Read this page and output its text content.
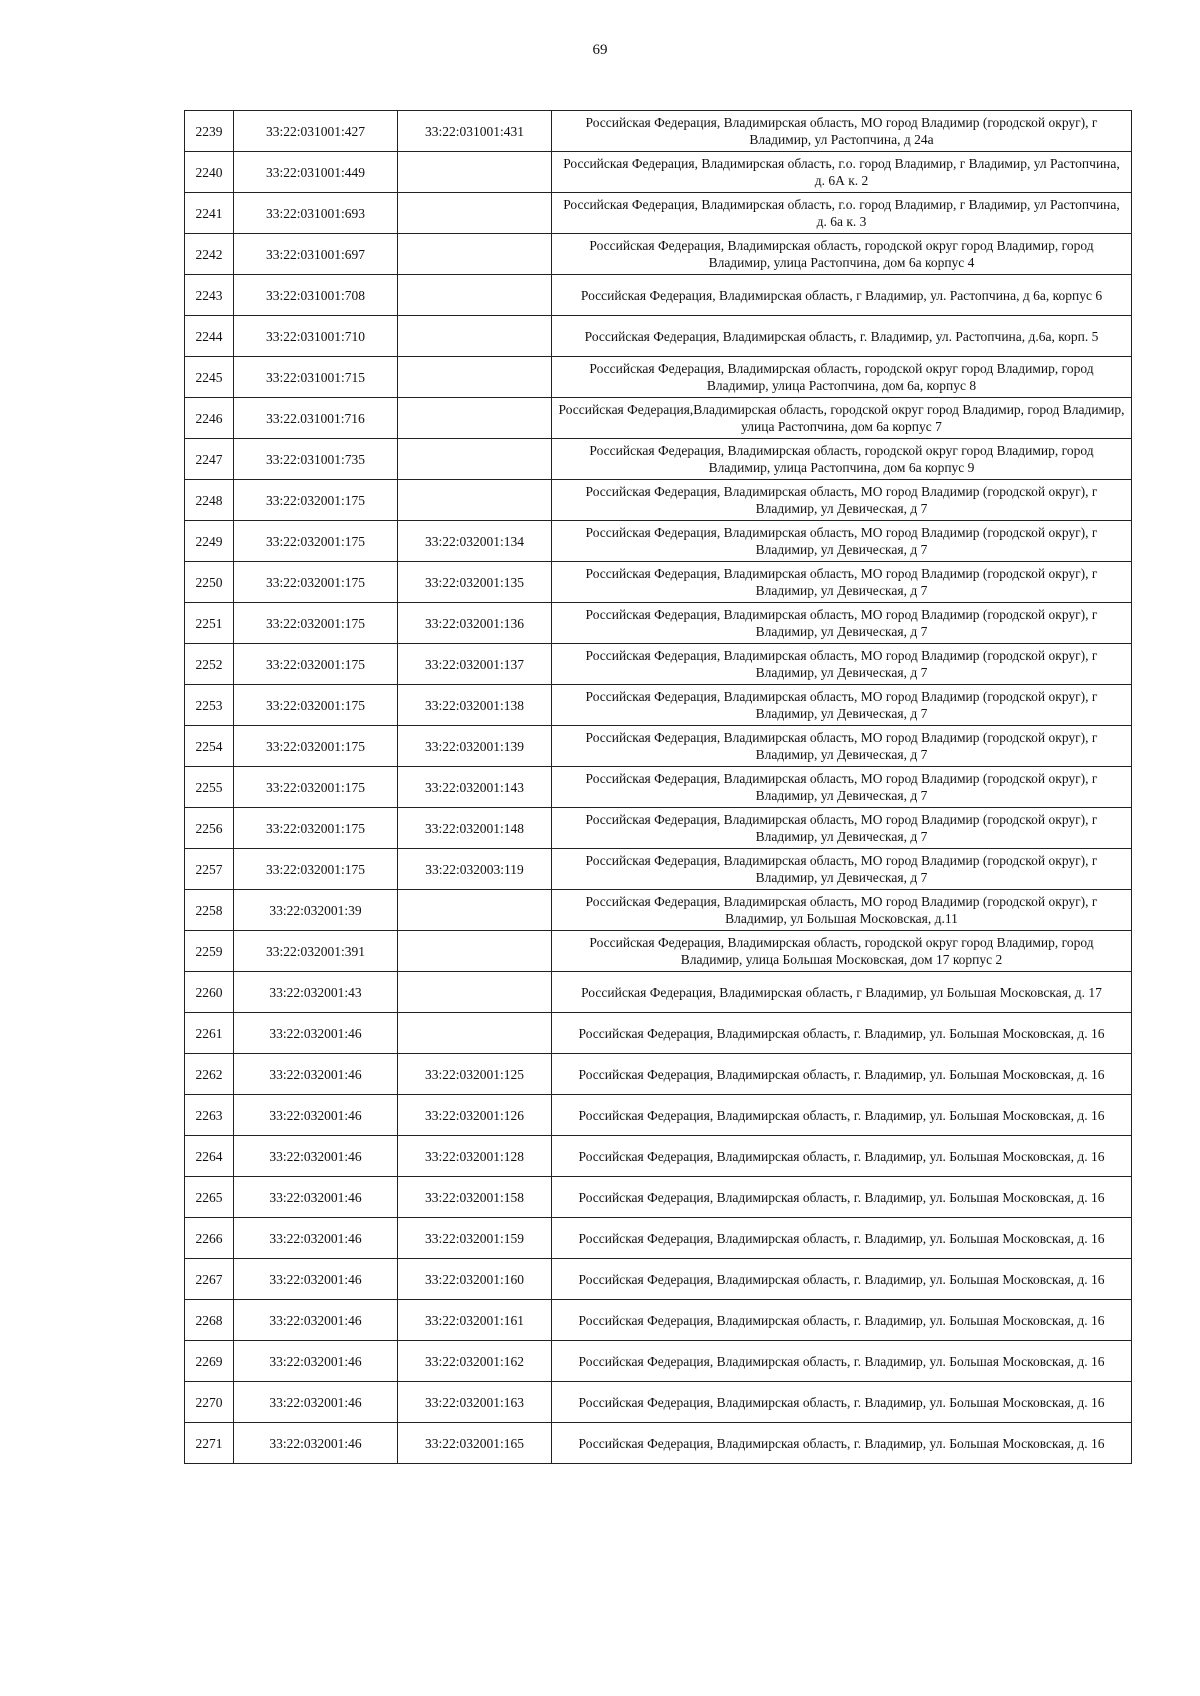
69
2239	33:22:031001:427	33:22:031001:431	Российская Федерация, Владимирская область, МО город Владимир (городской округ), г Владимир, ул Растопчина, д 24а
2240	33:22:031001:449		Российская Федерация, Владимирская область, г.о. город Владимир, г Владимир, ул Растопчина, д. 6А к. 2
2241	33:22:031001:693		Российская Федерация, Владимирская область, г.о. город Владимир, г Владимир, ул Растопчина, д. 6а к. 3
2242	33:22:031001:697		Российская Федерация, Владимирская область, городской округ город Владимир, город Владимир, улица Растопчина, дом 6а корпус 4
2243	33:22:031001:708		Российская Федерация, Владимирская область, г Владимир, ул. Растопчина, д 6а, корпус 6
2244	33:22:031001:710		Российская Федерация, Владимирская область, г. Владимир, ул. Растопчина, д.6а, корп. 5
2245	33:22:031001:715		Российская Федерация, Владимирская область, городской округ город Владимир, город Владимир, улица Растопчина, дом 6а, корпус 8
2246	33:22.031001:716		Российская Федерация,Владимирская область, городской округ город Владимир, город Владимир, улица Растопчина, дом 6а корпус 7
2247	33:22:031001:735		Российская Федерация, Владимирская область, городской округ город Владимир, город Владимир, улица Растопчина, дом 6а корпус 9
2248	33:22:032001:175		Российская Федерация, Владимирская область, МО город Владимир (городской округ), г Владимир, ул Девическая, д 7
2249	33:22:032001:175	33:22:032001:134	Российская Федерация, Владимирская область, МО город Владимир (городской округ), г Владимир, ул Девическая, д 7
2250	33:22:032001:175	33:22:032001:135	Российская Федерация, Владимирская область, МО город Владимир (городской округ), г Владимир, ул Девическая, д 7
2251	33:22:032001:175	33:22:032001:136	Российская Федерация, Владимирская область, МО город Владимир (городской округ), г Владимир, ул Девическая, д 7
2252	33:22:032001:175	33:22:032001:137	Российская Федерация, Владимирская область, МО город Владимир (городской округ), г Владимир, ул Девическая, д 7
2253	33:22:032001:175	33:22:032001:138	Российская Федерация, Владимирская область, МО город Владимир (городской округ), г Владимир, ул Девическая, д 7
2254	33:22:032001:175	33:22:032001:139	Российская Федерация, Владимирская область, МО город Владимир (городской округ), г Владимир, ул Девическая, д 7
2255	33:22:032001:175	33:22:032001:143	Российская Федерация, Владимирская область, МО город Владимир (городской округ), г Владимир, ул Девическая, д 7
2256	33:22:032001:175	33:22:032001:148	Российская Федерация, Владимирская область, МО город Владимир (городской округ), г Владимир, ул Девическая, д 7
2257	33:22:032001:175	33:22:032003:119	Российская Федерация, Владимирская область, МО город Владимир (городской округ), г Владимир, ул Девическая, д 7
2258	33:22:032001:39		Российская Федерация, Владимирская область, МО город Владимир (городской округ), г Владимир, ул Большая Московская, д.11
2259	33:22:032001:391		Российская Федерация, Владимирская область, городской округ город Владимир, город Владимир, улица Большая Московская, дом 17 корпус 2
2260	33:22:032001:43		Российская Федерация, Владимирская область, г Владимир, ул Большая Московская, д. 17
2261	33:22:032001:46		Российская Федерация, Владимирская область, г. Владимир, ул. Большая Московская, д. 16
2262	33:22:032001:46	33:22:032001:125	Российская Федерация, Владимирская область, г. Владимир, ул. Большая Московская, д. 16
2263	33:22:032001:46	33:22:032001:126	Российская Федерация, Владимирская область, г. Владимир, ул. Большая Московская, д. 16
2264	33:22:032001:46	33:22:032001:128	Российская Федерация, Владимирская область, г. Владимир, ул. Большая Московская, д. 16
2265	33:22:032001:46	33:22:032001:158	Российская Федерация, Владимирская область, г. Владимир, ул. Большая Московская, д. 16
2266	33:22:032001:46	33:22:032001:159	Российская Федерация, Владимирская область, г. Владимир, ул. Большая Московская, д. 16
2267	33:22:032001:46	33:22:032001:160	Российская Федерация, Владимирская область, г. Владимир, ул. Большая Московская, д. 16
2268	33:22:032001:46	33:22:032001:161	Российская Федерация, Владимирская область, г. Владимир, ул. Большая Московская, д. 16
2269	33:22:032001:46	33:22:032001:162	Российская Федерация, Владимирская область, г. Владимир, ул. Большая Московская, д. 16
2270	33:22:032001:46	33:22:032001:163	Российская Федерация, Владимирская область, г. Владимир, ул. Большая Московская, д. 16
2271	33:22:032001:46	33:22:032001:165	Российская Федерация, Владимирская область, г. Владимир, ул. Большая Московская, д. 16
